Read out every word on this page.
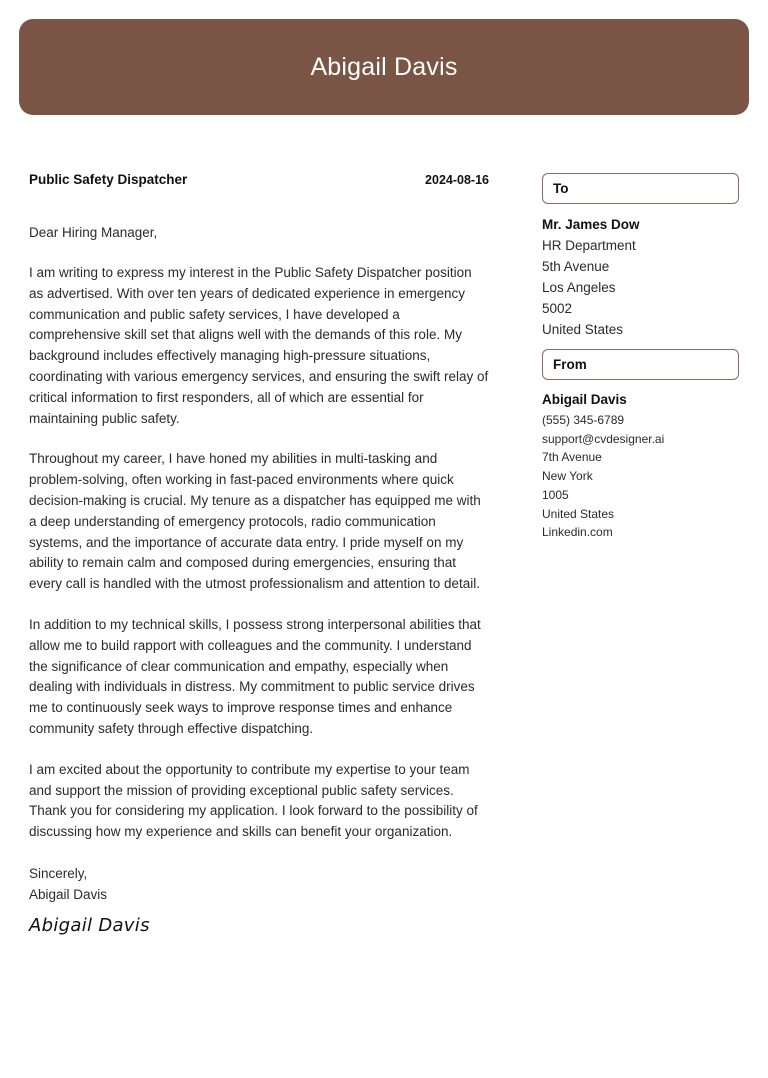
Abigail Davis
Public Safety Dispatcher	2024-08-16
Dear Hiring Manager,
I am writing to express my interest in the Public Safety Dispatcher position as advertised. With over ten years of dedicated experience in emergency communication and public safety services, I have developed a comprehensive skill set that aligns well with the demands of this role. My background includes effectively managing high-pressure situations, coordinating with various emergency services, and ensuring the swift relay of critical information to first responders, all of which are essential for maintaining public safety.
Throughout my career, I have honed my abilities in multi-tasking and problem-solving, often working in fast-paced environments where quick decision-making is crucial. My tenure as a dispatcher has equipped me with a deep understanding of emergency protocols, radio communication systems, and the importance of accurate data entry. I pride myself on my ability to remain calm and composed during emergencies, ensuring that every call is handled with the utmost professionalism and attention to detail.
In addition to my technical skills, I possess strong interpersonal abilities that allow me to build rapport with colleagues and the community. I understand the significance of clear communication and empathy, especially when dealing with individuals in distress. My commitment to public service drives me to continuously seek ways to improve response times and enhance community safety through effective dispatching.
I am excited about the opportunity to contribute my expertise to your team and support the mission of providing exceptional public safety services. Thank you for considering my application. I look forward to the possibility of discussing how my experience and skills can benefit your organization.
Sincerely,
Abigail Davis
Abigail Davis
To
Mr. James Dow
HR Department
5th Avenue
Los Angeles
5002
United States
From
Abigail Davis
(555) 345-6789
support@cvdesigner.ai
7th Avenue
New York
1005
United States
Linkedin.com
